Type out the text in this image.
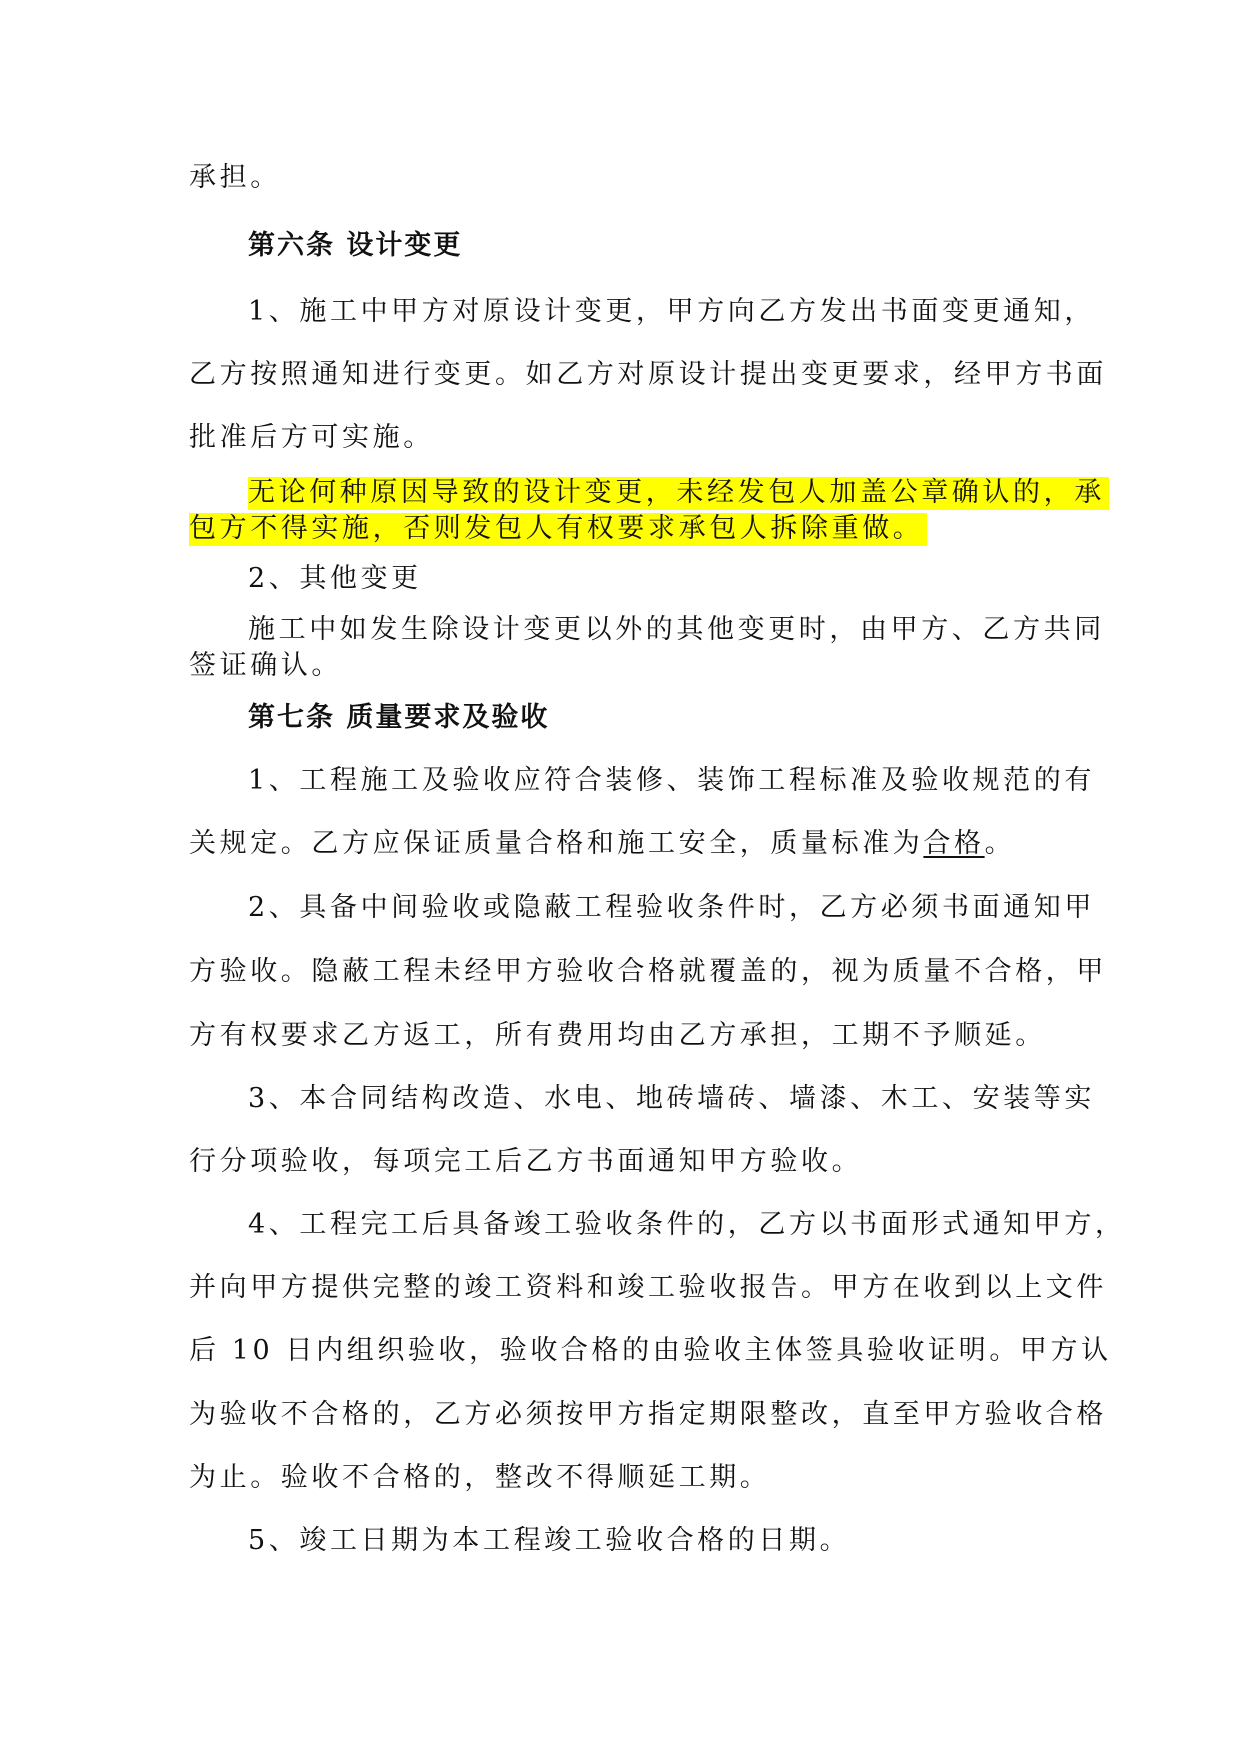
承担。
第六条 设计变更
1、施工中甲方对原设计变更，甲方向乙方发出书面变更通知，
乙方按照通知进行变更。如乙方对原设计提出变更要求，经甲方书面
批准后方可实施。
无论何种原因导致的设计变更，未经发包人加盖公章确认的，承
包方不得实施，否则发包人有权要求承包人拆除重做。
2、其他变更
施工中如发生除设计变更以外的其他变更时，由甲方、乙方共同
签证确认。
第七条 质量要求及验收
1、工程施工及验收应符合装修、装饰工程标准及验收规范的有
关规定。乙方应保证质量合格和施工安全，质量标准为合格。
2、具备中间验收或隐蔽工程验收条件时，乙方必须书面通知甲
方验收。隐蔽工程未经甲方验收合格就覆盖的，视为质量不合格，甲
方有权要求乙方返工，所有费用均由乙方承担，工期不予顺延。
3、本合同结构改造、水电、地砖墙砖、墙漆、木工、安装等实
行分项验收，每项完工后乙方书面通知甲方验收。
4、工程完工后具备竣工验收条件的，乙方以书面形式通知甲方，
并向甲方提供完整的竣工资料和竣工验收报告。甲方在收到以上文件
后 10 日内组织验收，验收合格的由验收主体签具验收证明。甲方认
为验收不合格的，乙方必须按甲方指定期限整改，直至甲方验收合格
为止。验收不合格的，整改不得顺延工期。
5、竣工日期为本工程竣工验收合格的日期。
